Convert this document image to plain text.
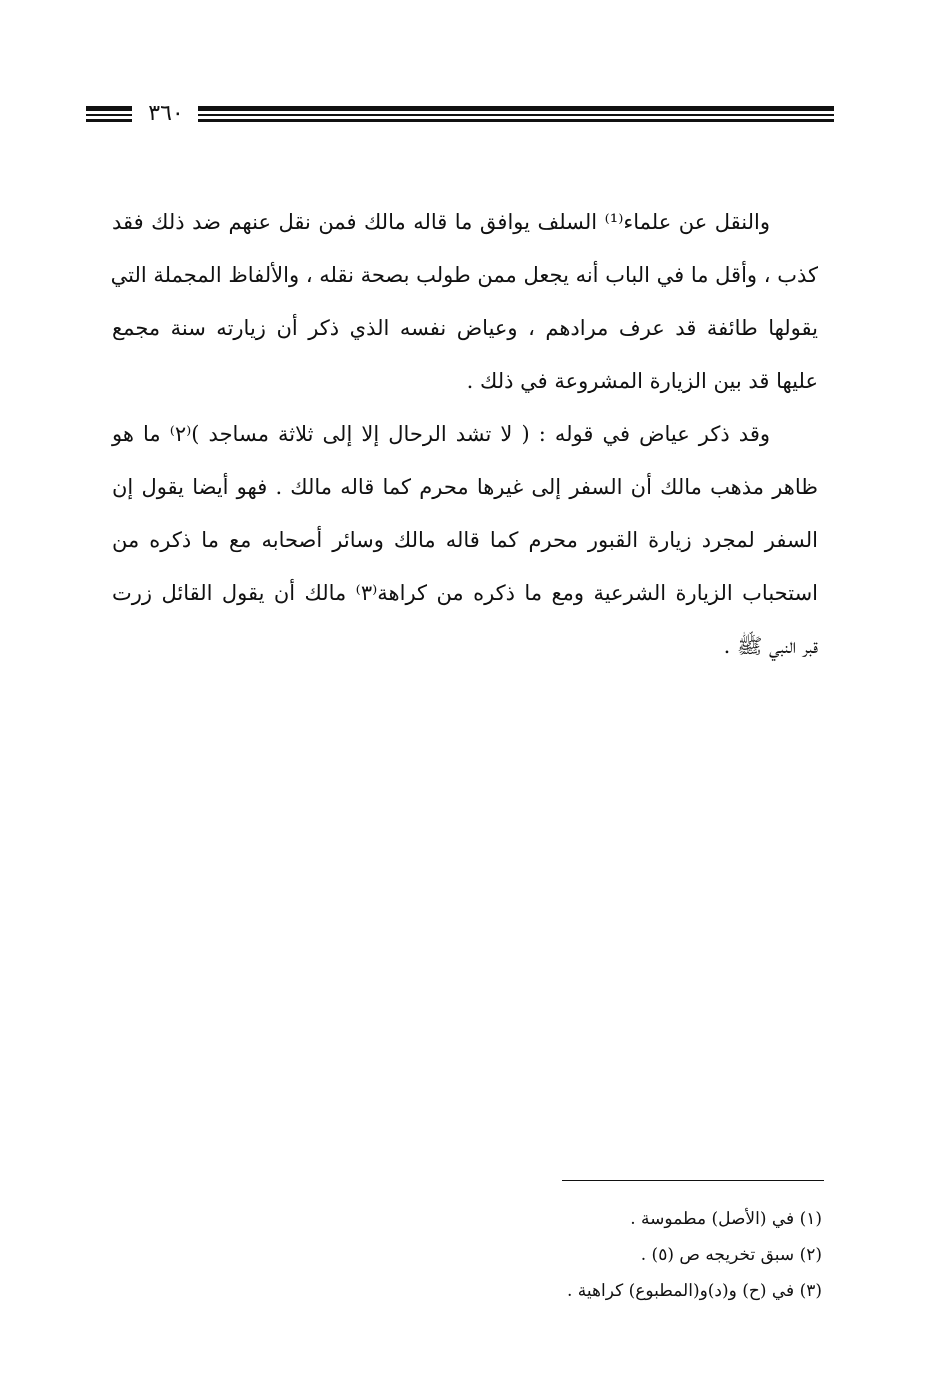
٣٦٠
والنقل عن علماء⁽¹⁾ السلف يوافق ما قاله مالك فمن نقل عنهم ضد ذلك فقد
كذب ، وأقل ما في الباب أنه يجعل ممن طولب بصحة نقله ، والألفاظ المجملة التي
يقولها طائفة قد عرف مرادهم ، وعياض نفسه الذي ذكر أن زيارته سنة مجمع
عليها قد بين الزيارة المشروعة في ذلك .
وقد ذكر عياض في قوله : ( لا تشد الرحال إلا إلى ثلاثة مساجد )⁽٢⁾ ما هو
ظاهر مذهب مالك أن السفر إلى غيرها محرم كما قاله مالك . فهو أيضا يقول إن
السفر لمجرد زيارة القبور محرم كما قاله مالك وسائر أصحابه مع ما ذكره من
استحباب الزيارة الشرعية ومع ما ذكره من كراهة⁽٣⁾ مالك أن يقول القائل زرت
قبر النبي ﷺ .
(١) في (الأصل) مطموسة .
(٢) سبق تخريجه ص (٥) .
(٣) في (ح) و(د)و(المطبوع) كراهية .
